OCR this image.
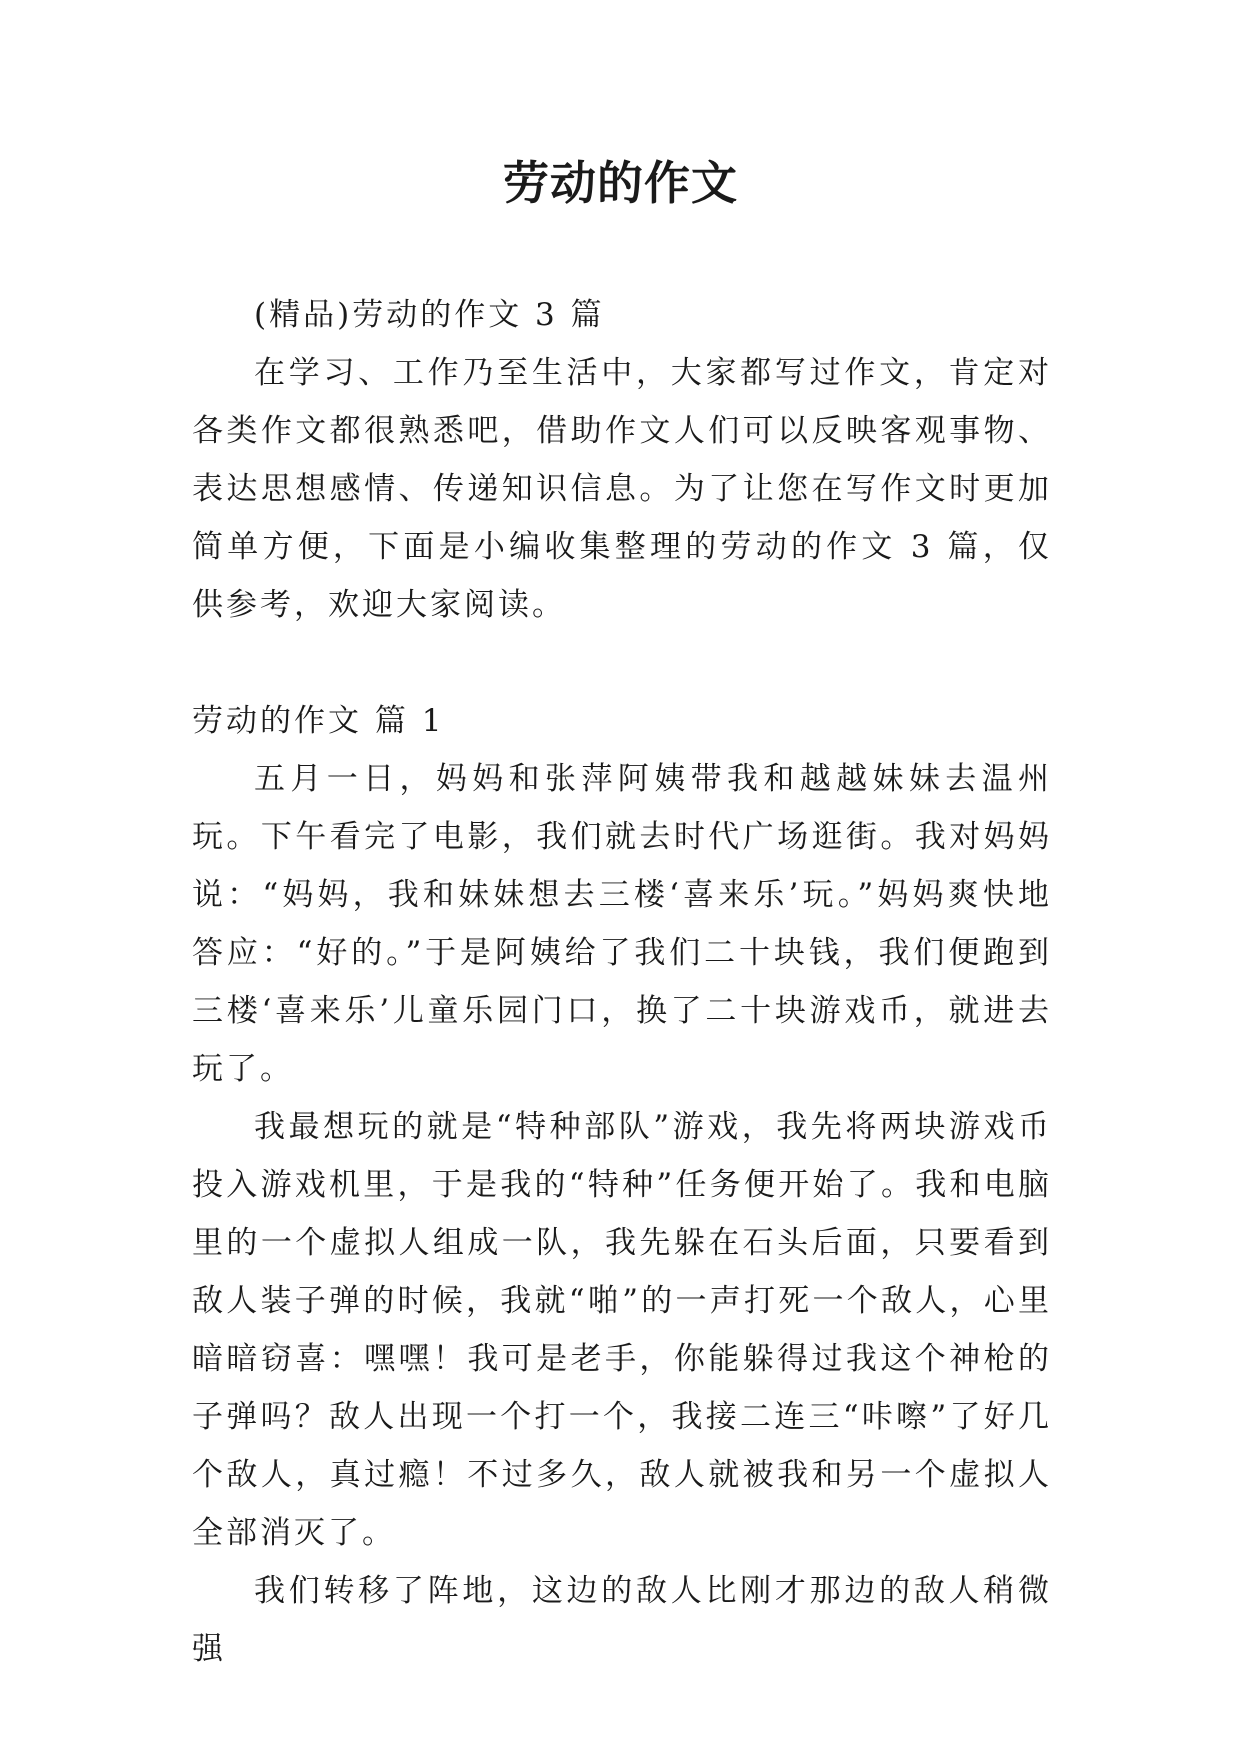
劳动的作文

(精品)劳动的作文 3 篇

在学习、工作乃至生活中，大家都写过作文，肯定对各类作文都很熟悉吧，借助作文人们可以反映客观事物、表达思想感情、传递知识信息。为了让您在写作文时更加简单方便，下面是小编收集整理的劳动的作文 3 篇，仅供参考，欢迎大家阅读。

劳动的作文 篇 1

五月一日，妈妈和张萍阿姨带我和越越妹妹去温州玩。下午看完了电影，我们就去时代广场逛街。我对妈妈说：“妈妈，我和妹妹想去三楼‘喜来乐’玩。”妈妈爽快地答应：“好的。”于是阿姨给了我们二十块钱，我们便跑到三楼‘喜来乐’儿童乐园门口，换了二十块游戏币，就进去玩了。

我最想玩的就是“特种部队”游戏，我先将两块游戏币投入游戏机里，于是我的“特种”任务便开始了。我和电脑里的一个虚拟人组成一队，我先躲在石头后面，只要看到敌人装子弹的时候，我就“啪”的一声打死一个敌人，心里暗暗窃喜：嘿嘿！我可是老手，你能躲得过我这个神枪的子弹吗？敌人出现一个打一个，我接二连三“咔嚓”了好几个敌人，真过瘾！不过多久，敌人就被我和另一个虚拟人全部消灭了。

我们转移了阵地，这边的敌人比刚才那边的敌人稍微强
